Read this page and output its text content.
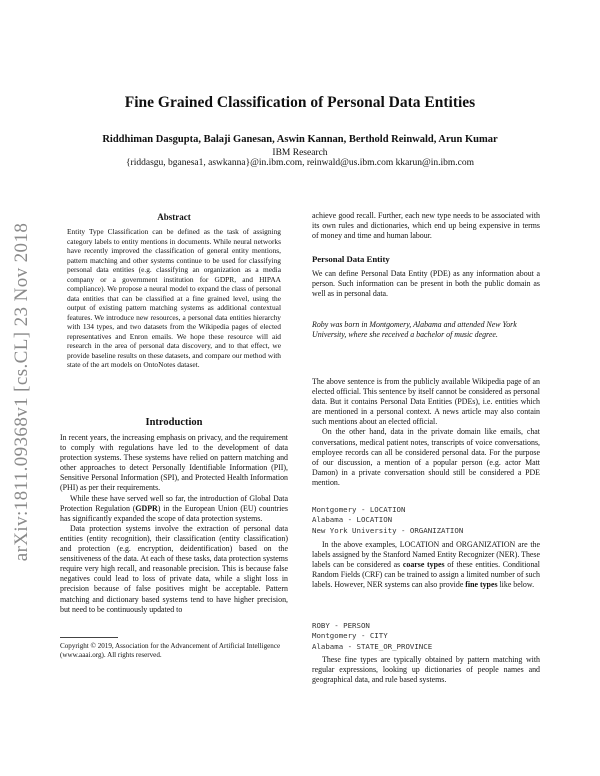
arXiv:1811.09368v1 [cs.CL] 23 Nov 2018
Fine Grained Classification of Personal Data Entities

Riddhiman Dasgupta, Balaji Ganesan, Aswin Kannan, Berthold Reinwald, Arun Kumar

IBM Research

{riddasgu, bganesa1, aswkanna}@in.ibm.com, reinwald@us.ibm.com kkarun@in.ibm.com

Abstract

Entity Type Classification can be defined as the task of assigning category labels to entity mentions in documents. While neural networks have recently improved the classification of general entity mentions, pattern matching and other systems continue to be used for classifying personal data entities (e.g. classifying an organization as a media company or a government institution for GDPR, and HIPAA compliance). We propose a neural model to expand the class of personal data entities that can be classified at a fine grained level, using the output of existing pattern matching systems as additional contextual features. We introduce new resources, a personal data entities hierarchy with 134 types, and two datasets from the Wikipedia pages of elected representatives and Enron emails. We hope these resource will aid research in the area of personal data discovery, and to that effect, we provide baseline results on these datasets, and compare our method with state of the art models on OntoNotes dataset.

Introduction

In recent years, the increasing emphasis on privacy, and the requirement to comply with regulations have led to the development of data protection systems. These systems have relied on pattern matching and other approaches to detect Personally Identifiable Information (PII), Sensitive Personal Information (SPI), and Protected Health Information (PHI) as per their requirements.

While these have served well so far, the introduction of Global Data Protection Regulation (GDPR) in the European Union (EU) countries has significantly expanded the scope of data protection systems.

Data protection systems involve the extraction of personal data entities (entity recognition), their classification (entity classification) and protection (e.g. encryption, deidentification) based on the sensitiveness of the data. At each of these tasks, data protection systems require very high recall, and reasonable precision. This is because false negatives could lead to loss of private data, while a slight loss in precision because of false positives might be acceptable. Pattern matching and dictionary based systems tend to have higher precision, but need to be continuously updated to

Copyright © 2019, Association for the Advancement of Artificial Intelligence (www.aaai.org). All rights reserved.

achieve good recall. Further, each new type needs to be associated with its own rules and dictionaries, which end up being expensive in terms of money and time and human labour.

Personal Data Entity

We can define Personal Data Entity (PDE) as any information about a person. Such information can be present in both the public domain as well as in personal data.

Roby was born in Montgomery, Alabama and attended New York University, where she received a bachelor of music degree.

The above sentence is from the publicly available Wikipedia page of an elected official. This sentence by itself cannot be considered as personal data. But it contains Personal Data Entities (PDEs), i.e. entities which are mentioned in a personal context. A news article may also contain such mentions about an elected official.

On the other hand, data in the private domain like emails, chat conversations, medical patient notes, transcripts of voice conversations, employee records can all be considered personal data. For the purpose of our discussion, a mention of a popular person (e.g. actor Matt Damon) in a private conversation should still be considered a PDE mention.

Montgomery - LOCATION
Alabama - LOCATION
New York University - ORGANIZATION

In the above examples, LOCATION and ORGANIZATION are the labels assigned by the Stanford Named Entity Recognizer (NER). These labels can be considered as coarse types of these entities. Conditional Random Fields (CRF) can be trained to assign a limited number of such labels. However, NER systems can also provide fine types like below.

ROBY - PERSON
Montgomery - CITY
Alabama - STATE_OR_PROVINCE

These fine types are typically obtained by pattern matching with regular expressions, looking up dictionaries of people names and geographical data, and rule based systems.
